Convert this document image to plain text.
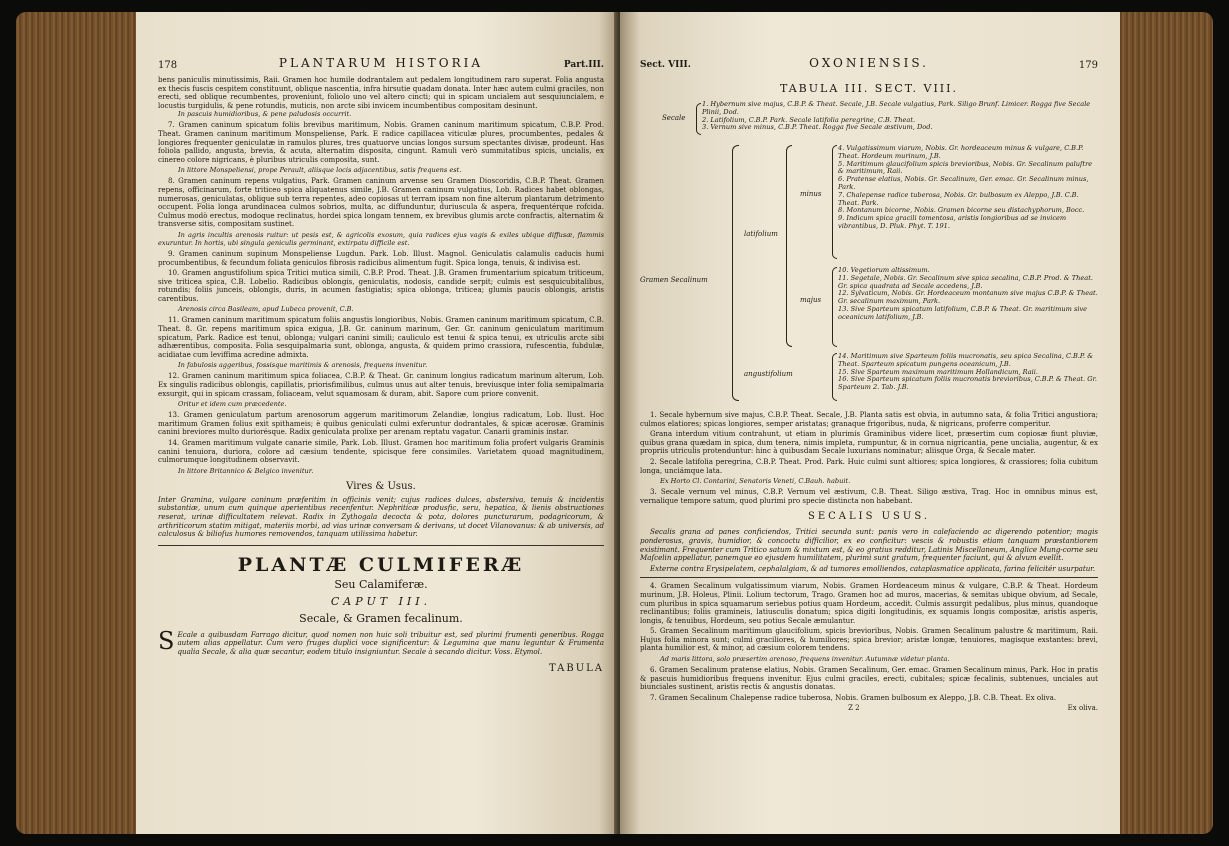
178	PLANTARUM HISTORIA	Part.III.

bens paniculis minutissimis, Raii. Gramen hoc humile dodrantalem aut pedalem longitudinem raro superat. Folia angusta ex thecis fuscis cespitem constituunt, oblique nascentia, infra hirsutie quadam donata. Inter hæc autem culmi graciles, non erecti, sed oblique recumbentes, proveniunt, foliolo uno vel altero cincti; qui in spicam uncialem aut sesquiuncialem, e locustis turgidulis, & pene rotundis, muticis, non arcte sibi invicem incumbentibus compositam desinunt.

In pascuis humidioribus, & pene paludosis occurrit.

7. Gramen caninum spicatum foliis brevibus maritimum, Nobis. Gramen caninum maritimum spicatum, C.B.P. Prod. Theat. Gramen caninum maritimum Monspeliense, Park. E radice capillacea viticulæ plures, procumbentes, pedales & longiores frequenter geniculatæ in ramulos plures, tres quatuorve uncias longos sursum spectantes divisæ, prodeunt. Has foliola pallido, angusta, brevia, & acuta, alternatim disposita, cingunt. Ramuli verò summitatibus spicis, uncialis, ex cinereo colore nigricans, è pluribus utriculis composita, sunt.

In littore Monspeliensi, prope Perault, aliisque locis adjacentibus, satis frequens est.

8. Gramen caninum repens vulgatius, Park. Gramen caninum arvense seu Gramen Dioscoridis, C.B.P. Theat. Gramen repens, officinarum, forte triticeo spica aliquatenus simile, J.B. Gramen caninum vulgatius, Lob. Radices habet oblongas, numerosas, geniculatas, oblique sub terra repentes, adeo copiosas ut terram ipsam non fine alterum plantarum detrimento occupent. Folia longa arundinacea culmos sobrios, multa, ac diffunduntur, duriuscula & aspera, frequentérque rofcida. Culmus modò erectus, modoque reclinatus, hordei spica longam tennem, ex brevibus glumis arcte confractis, alternatim & transverse sitis, compositam sustinet.

In agris incultis arenosis ruitur: ut pesis est, & agricolis exosum, quia radices ejus vagis & exiles ubique diffusæ, flammis exuruntur. In hortis, ubi singula geniculis germinant, extirpatu difficile est.

9. Gramen caninum supinum Monspeliense Lugdun. Park. Lob. Illust. Magnol. Geniculatis calamulis caducis humi procumbentibus, & fecundum foliata geniculos fibrosis radicibus alimentum fugit. Spica longa, tenuis, & indivisa est.

10. Gramen angustifolium spica Tritici mutica simili, C.B.P. Prod. Theat. J.B. Gramen frumentarium spicatum triticeum, sive triticea spica, C.B. Lobelio. Radicibus oblongis, geniculatis, nodosis, candide serpit; culmis est sesquicubitalibus, rotundis; foliis junceis, oblongis, duris, in acumen fastigiatis; spica oblonga, triticea; glumis paucis oblongis, aristis carentibus.

Arenosis circa Basileam, apud Lubeca provenit, C.B.

11. Gramen caninum maritimum spicatum foliis angustis longioribus, Nobis. Gramen caninum maritimum spicatum, C.B. Theat. 8. Gr. repens maritimum spica exigua, J.B. Gr. caninum marinum, Ger. Gr. caninum geniculatum maritimum spicatum, Park. Radice est tenui, oblonga; vulgari canini simili; cauliculo est tenui & spica tenui, ex utriculis arcte sibi adhærentibus, composita. Folia sesquipalmaria sunt, oblonga, angusta, & quidem primo crassiora, rufescentia, fubdulæ, acidiatae cum leviffima acredine admixta.

In fabulosis aggeribus, fossisque maritimis & arenosis, frequens invenitur.

12. Gramen caninum maritimum spica foliacea, C.B.P. & Theat. Gr. caninum longius radicatum marinum alterum, Lob. Ex singulis radicibus oblongis, capillatis, priorisfimilibus, culmus unus aut alter tenuis, breviusque inter folia semipalmaria exsurgit, qui in spicam crassam, foliaceam, velut squamosam & duram, abit. Sapore cum priore convenit.

Oritur et idem cum præcedente.

13. Gramen geniculatum partum arenosorum aggerum maritimorum Zelandiæ, longius radicatum, Lob. Ilust. Hoc maritimum Gramen folius exit spithameis; è quibus geniculati culmi exferuntur dodrantales, & spicæ acerosæ. Graminis canini breviores multo duriorésque. Radix geniculata prolixe per arenam reptatu vagatur. Canarii graminis instar.

14. Gramen maritimum vulgate canarie simile, Park. Lob. Illust. Gramen hoc maritimum folia profert vulgaris Graminis canini tenuiora, duriora, colore ad cæsium tendente, spicisque fere consimiles. Varietatem quoad magnitudinem, culmorumque longitudinem observavit.

In littore Britannico & Belgico invenitur.

Vires & Usus.

Inter Gramina, vulgare caninum præferitim in officinis venit; cujus radices dulces, abstersiva, tenuis & incidentis substantiæ, unum cum quinque aperientibus recenfentur. Nephriticæ produsfic, seru, hepatica, & lienis obstructiones reserat, urinæ difficultatem relevat. Radix in Zythogala decocta & pota, dolores puncturarum, podagricorum, & arthriticorum statim mitigat, materiis morbi, ad vias urinæ conversam & derivans, ut docet Vilanovanus: & ab universis, ad calculosus & bilioſus humores removendos, tanquam utilissima habetur.

PLANTÆ CULMIFERÆ
Seu Calamiferæ.
CAPUT III.
Secale, & Gramen fecalinum.

S Ecale a quibusdam Farrago dicitur, quod nomen non huic soli tribuitur est, sed plurimi frumenti generibus. Rogga autem alias appellatur. Cum vero fruges duplici voce significentur: & Legumina que manu leguntur & Frumenta qualia Secale, & alia quæ secantur, eodem titulo insigniuntur. Secale à secando dicitur. Voss. Etymol.

TABULA
Sect. VIII.	OXONIENSIS.	179
TABULA III. SECT. VIII.
Secale
1. Hybernum sive majus, C.B.P. & Theat. Secale, J.B. Secale vulgatius, Park. Siligo Brunf. Limicer. Rogga five Secale Plinii, Dod.
2. Latifolium, C.B.P. Park. Secale latifolia peregrine, C.B. Theat.
3. Vernum sive minus, C.B.P. Theat. Rogga five Secale æstivum, Dod.
Gramen Secalinum
latifolium
minus
4. Vulgatissimum viarum, Nobis. Gr. hordeaceum minus & vulgare, C.B.P. Theat. Hordeum murinum, J.B.
5. Maritimum glaucifolium spicis brevioribus, Nobis. Gr. Secalinum paluſtre & maritimum, Raii.
6. Pratense elatius, Nobis. Gr. Secalinum, Ger. emac. Gr. Secalinum minus, Park.
7. Chalepense radice tuberosa, Nobis. Gr. bulbosum ex Aleppo, J.B. C.B. Theat. Park.
8. Montanum bicorne, Nobis. Gramen bicorne seu distachyphorum, Bocc.
9. Indicum spica gracili tomentosa, aristis longioribus ad se invicem vibrantibus, D. Pluk. Phyt. T. 191.
majus
10. Vegetiorum altissimum.
11. Segetale, Nobis. Gr. Secalinum sive spica secalina, C.B.P. Prod. & Theat. Gr. spica quadrata ad Secale accedens, J.B.
12. Sylvaticum, Nobis. Gr. Hordeaceum montanum sive majus C.B.P. & Theat. Gr. secalinum maximum, Park.
13. Sive Sparteum spicatum latifolium, C.B.P. & Theat. Gr. maritimum sive oceanicum latifolium, J.B.
angustifolium
14. Maritimum sive Sparteum foliis mucronatis, seu spica Secalina, C.B.P. & Theat. Sparteum spicatum pungens oceanicum, J.B.
15. Sive Sparteum maximum maritimum Hollandicum, Raii.
16. Sive Sparteum spicatum foliis mucronatis brevioribus, C.B.P. & Theat. Gr. Sparteum 2. Tab. J.B.

1. Secale hybernum sive majus, C.B.P. Theat. Secale, J.B. Planta satis est obvia, in autumno sata, & folia Tritici angustiora; culmos elatiores; spicas longiores, semper aristatas; granaque frigoribus, nuda, & nigricans, proferre comperitur.

Grana interdum vitium contrahunt, ut etiam in plurimis Graminibus videre licet, præsertim cum copiosæ fiunt pluviæ, quibus grana quædam in spica, dum tenera, nimis impleta, rumpuntur, & in cornua nigricantia, pene uncialia, augentur, & ex propriis utriculis protenduntur: hinc à quibusdam Secale luxurians nominatur; aliisque Orga, & Secale mater.

2. Secale latifolia peregrina, C.B.P. Theat. Prod. Park. Huic culmi sunt altiores; spica longiores, & crassiores; folia cubitum longa, unciámque lata.

Ex Horto Cl. Contarini, Senatoris Veneti, C.Bauh. habuit.

3. Secale vernum vel minus, C.B.P. Vernum vel æstivum, C.B. Theat. Siligo æstiva, Trag. Hoc in omnibus minus est, vernalique tempore satum, quod plurimi pro specie distincta non habebant.

SECALIS USUS.

Secalis grana ad panes conficiendos, Tritici secunda sunt: panis vero in calefaciendo ac digerendo potentior; magis ponderosus, gravis, humidior, & concoctu difficilior, ex eo conficitur: vescis & robustis etiam tanquam præstantiorem existimant. Frequenter cum Tritico satum & mixtum est, & eo gratius redditur, Latinis Miscellaneum, Anglice Mung-corne seu Maſcelin appellatur, panemque eo ejusdem humilitatem, plurimi sunt gratum, frequenter faciunt, qui & alvum evellit.

Externe contra Erysipelatem, cephalalgiam, & ad tumores emolliendos, cataplasmatice applicata, farina felicitér usurpatur.

4. Gramen Secalinum vulgatissimum viarum, Nobis. Gramen Hordeaceum minus & vulgare, C.B.P. & Theat. Hordeum murinum, J.B. Holeus, Plinii. Lolium tectorum, Trago. Gramen hoc ad muros, macerias, & semitas ubique obvium, ad Secale, cum pluribus in spica squamarum seriebus potius quam Hordeum, accedit. Culmis assurgit pedalibus, plus minus, quandoque reclinantibus; foliis gramineis, latiusculis donatum; spica digiti longitudinis, ex squamis longis compositæ, aristis asperis, longis, & tenuibus, Hordeum, seu potius Secale æmulantur.

5. Gramen Secalinum maritimum glaucifolium, spicis brevioribus, Nobis. Gramen Secalinum palustre & maritimum, Raii. Hujus folia minora sunt; culmi graciliores, & humiliores; spica brevior; aristæ longæ, tenuiores, magisque exstantes: brevi, planta humilior est, & minor, ad cæsium colorem tendens.

Ad maris littora, solo præsertim arenoso, frequens invenitur. Autumnæ videtur planta.

6. Gramen Secalinum pratense elatius, Nobis. Gramen Secalinum, Ger. emac. Gramen Secalinum minus, Park. Hoc in pratis & pascuis humidioribus frequens invenitur. Ejus culmi graciles, erecti, cubitales; spicæ fecalinis, subtenues, unciales aut biunciales sustinent, aristis rectis & angustis donatas.

7. Gramen Secalinum Chalepense radice tuberosa, Nobis. Gramen bulbosum ex Aleppo, J.B. C.B. Theat. Ex oliva.

Z 2	Ex oliva.
